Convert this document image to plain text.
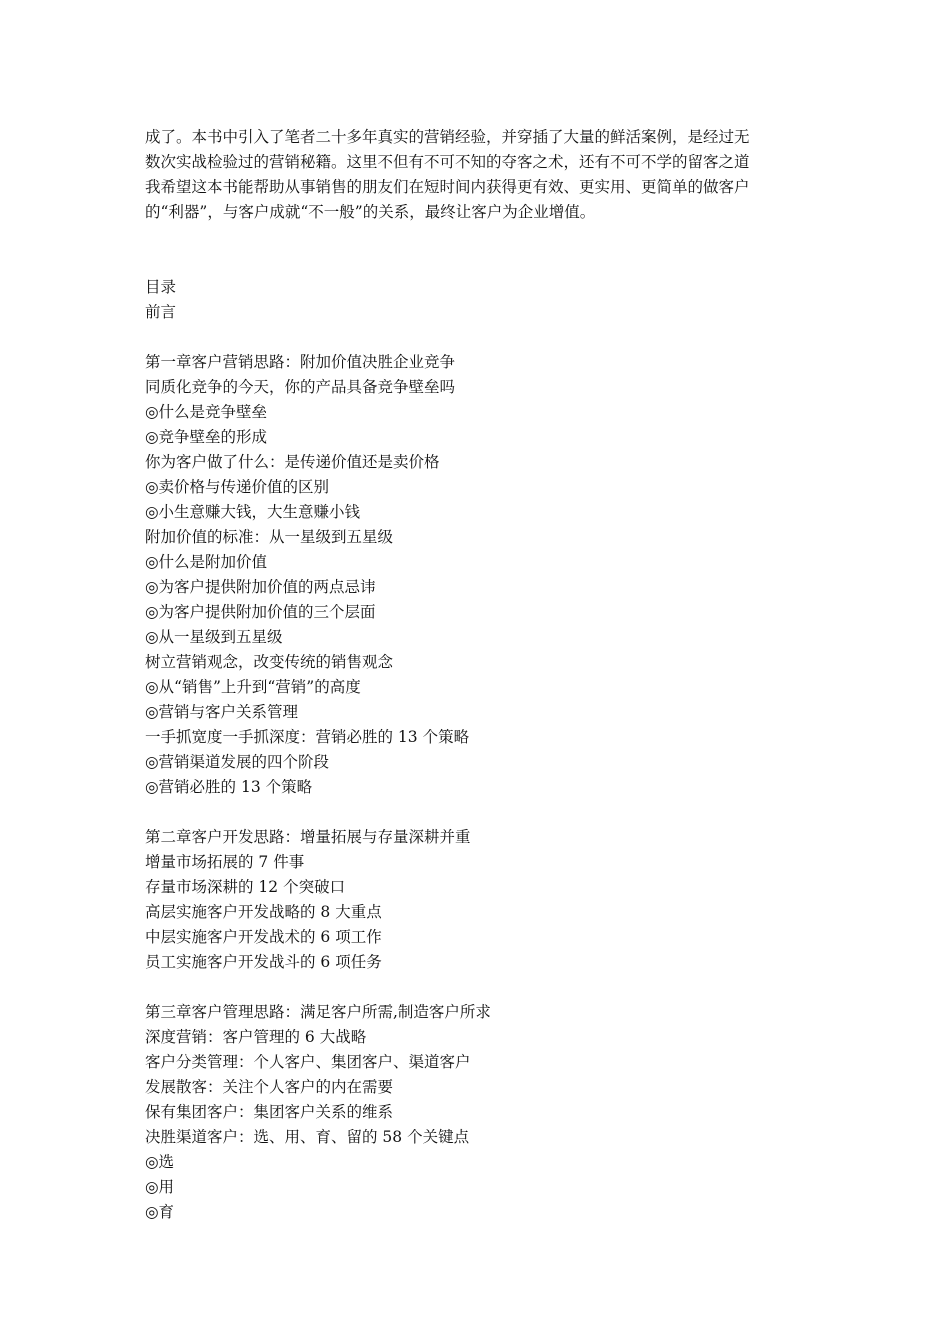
成了。本书中引入了笔者二十多年真实的营销经验，并穿插了大量的鲜活案例，是经过无

数次实战检验过的营销秘籍。这里不但有不可不知的夺客之术，还有不可不学的留客之道

我希望这本书能帮助从事销售的朋友们在短时间内获得更有效、更实用、更简单的做客户

的“利器”，与客户成就“不一般”的关系，最终让客户为企业增值。

目录
前言
第一章客户营销思路：附加价值决胜企业竞争
同质化竞争的今天，你的产品具备竞争壁垒吗
◎什么是竞争壁垒
◎竞争壁垒的形成
你为客户做了什么：是传递价值还是卖价格
◎卖价格与传递价值的区别
◎小生意赚大钱，大生意赚小钱
附加价值的标准：从一星级到五星级
◎什么是附加价值
◎为客户提供附加价值的两点忌讳
◎为客户提供附加价值的三个层面
◎从一星级到五星级
树立营销观念，改变传统的销售观念
◎从“销售”上升到“营销”的高度
◎营销与客户关系管理
一手抓宽度一手抓深度：营销必胜的 13 个策略
◎营销渠道发展的四个阶段
◎营销必胜的 13 个策略
第二章客户开发思路：增量拓展与存量深耕并重
增量市场拓展的 7 件事
存量市场深耕的 12 个突破口
高层实施客户开发战略的 8 大重点
中层实施客户开发战术的 6 项工作
员工实施客户开发战斗的 6 项任务
第三章客户管理思路：满足客户所需,制造客户所求
深度营销：客户管理的 6 大战略
客户分类管理：个人客户、集团客户、渠道客户
发展散客：关注个人客户的内在需要
保有集团客户：集团客户关系的维系
决胜渠道客户：选、用、育、留的 58 个关键点
◎选
◎用
◎育
